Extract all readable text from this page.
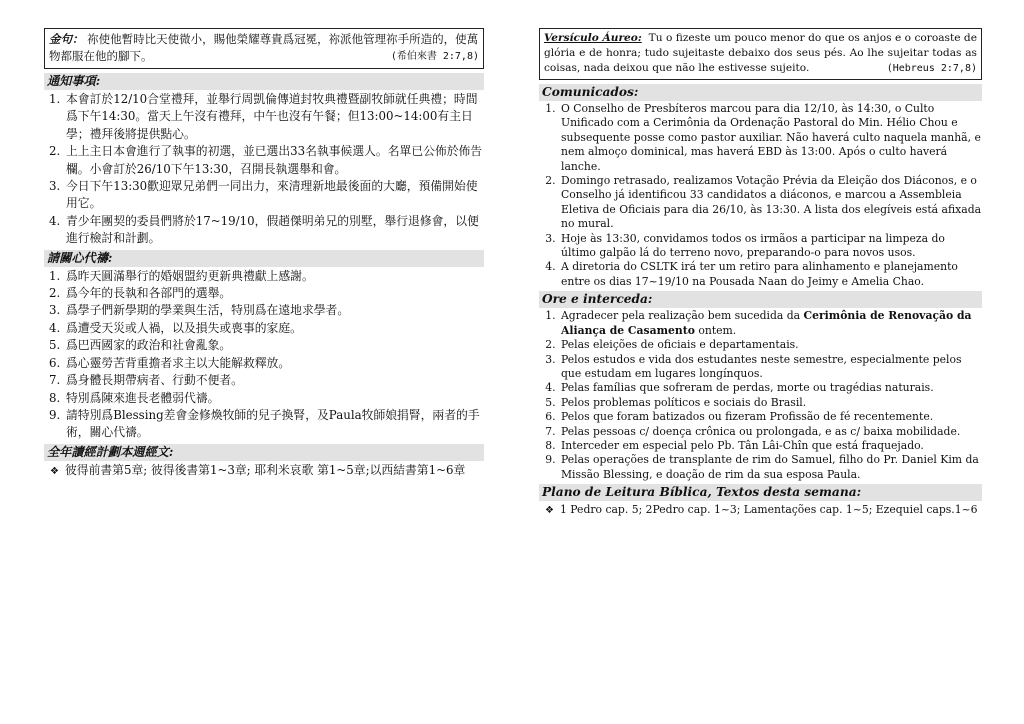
金句： 祢使他暫時比天使微小，賜他榮耀尊貴爲冠冕，祢派他管理祢手所造的，使萬物都服在他的腳下。	(希伯來書 2:7,8)
通知事項:
1. 本會訂於12/10合堂禮拜，並舉行周凱倫傳道封牧典禮暨副牧師就任典禮；時間爲下午14:30。當天上午沒有禮拜，中午也沒有午餐；但13:00~14:00有主日學；禮拜後將提供點心。
2. 上上主日本會進行了執事的初選，並已選出33名執事候選人。名單已公佈於佈告欄。小會訂於26/10下午13:30，召開長執選舉和會。
3. 今日下午13:30歡迎眾兄弟們一同出力，來清理新地最後面的大廳，預備開始使用它。
4. 青少年團契的委員們將於17~19/10，假趙傑明弟兄的別墅，舉行退修會，以便進行檢討和計劃。
請關心代禱:
1. 爲昨天圓滿舉行的婚姻盟約更新典禮獻上感謝。
2. 爲今年的長執和各部門的選舉。
3. 爲學子們新學期的學業與生活，特別爲在遠地求學者。
4. 爲遭受天災或人禍，以及損失或喪事的家庭。
5. 爲巴西國家的政治和社會亂象。
6. 爲心靈勞苦背重擔者求主以大能解救釋放。
7. 爲身體長期帶病者、行動不便者。
8. 特別爲陳來進長老體弱代禱。
9. 請特別爲Blessing差會金修煥牧師的兒子換腎，及Paula牧師娘捐腎，兩者的手術，關心代禱。
全年讀經計劃本週經文:
❖ 彼得前書第5章; 彼得後書第1~3章; 耶利米哀歌 第1~5章;以西結書第1~6章
Versículo Áureo: Tu o fizeste um pouco menor do que os anjos e o coroaste de glória e de honra; tudo sujeitaste debaixo dos seus pés. Ao lhe sujeitar todas as coisas, nada deixou que não lhe estivesse sujeito.	(Hebreus 2:7,8)
Comunicados:
1. O Conselho de Presbíteros marcou para dia 12/10, às 14:30, o Culto Unificado com a Cerimônia da Ordenação Pastoral do Min. Hélio Chou e subsequente posse como pastor auxiliar. Não haverá culto naquela manhã, e nem almoço dominical, mas haverá EBD às 13:00. Após o culto haverá lanche.
2. Domingo retrasado, realizamos Votação Prévia da Eleição dos Diáconos, e o Conselho já identificou 33 candidatos a diáconos, e marcou a Assembleia Eletiva de Oficiais para dia 26/10, às 13:30. A lista dos elegíveis está afixada no mural.
3. Hoje às 13:30, convidamos todos os irmãos a participar na limpeza do último galpão lá do terreno novo, preparando-o para novos usos.
4. A diretoria do CSLTK irá ter um retiro para alinhamento e planejamento entre os dias 17~19/10 na Pousada Naan do Jeimy e Amelia Chao.
Ore e interceda:
1. Agradecer pela realização bem sucedida da Cerimônia de Renovação da Aliança de Casamento ontem.
2. Pelas eleições de oficiais e departamentais.
3. Pelos estudos e vida dos estudantes neste semestre, especialmente pelos que estudam em lugares longínquos.
4. Pelas famílias que sofreram de perdas, morte ou tragédias naturais.
5. Pelos problemas políticos e sociais do Brasil.
6. Pelos que foram batizados ou fizeram Profissão de fé recentemente.
7. Pelas pessoas c/ doença crônica ou prolongada, e as c/ baixa mobilidade.
8. Interceder em especial pelo Pb. Tân Lâi-Chîn que está fraquejado.
9. Pelas operações de transplante de rim do Samuel, filho do Pr. Daniel Kim da Missão Blessing, e doação de rim da sua esposa Paula.
Plano de Leitura Bíblica, Textos desta semana:
❖ 1 Pedro cap. 5; 2Pedro cap. 1~3; Lamentações cap. 1~5; Ezequiel caps.1~6
